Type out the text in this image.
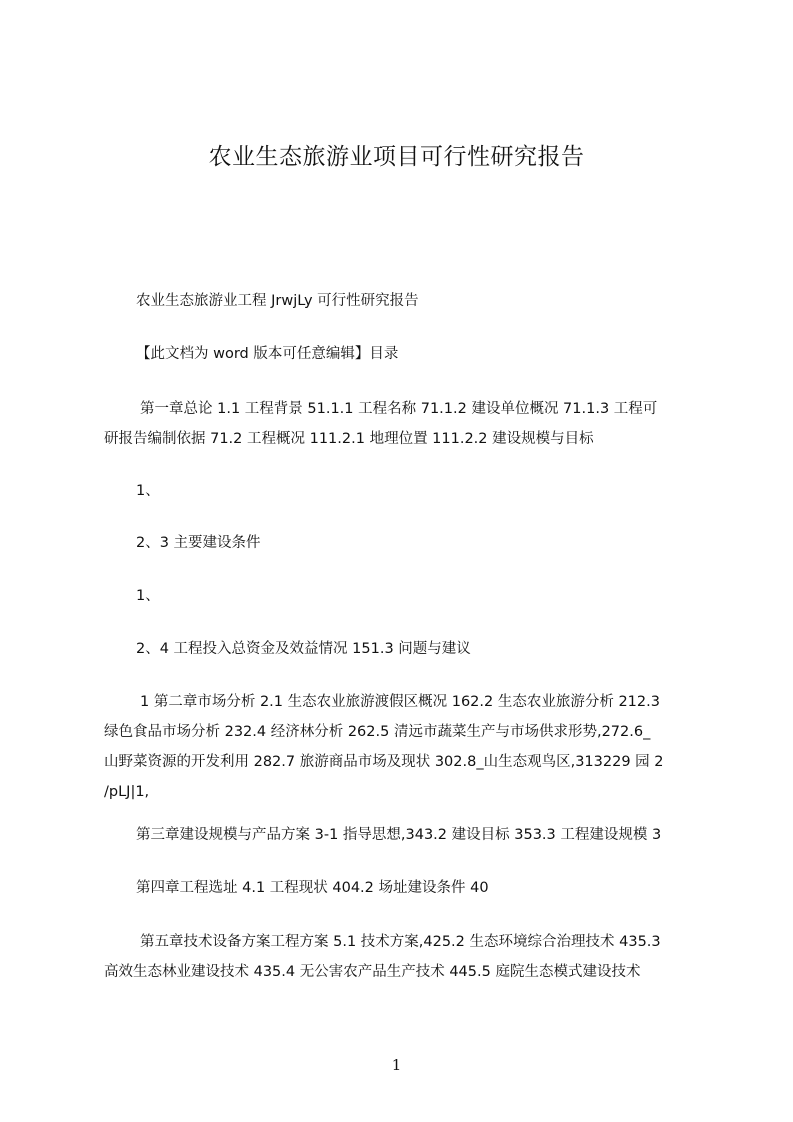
农业生态旅游业项目可行性研究报告
农业生态旅游业工程 JrwjLy 可行性研究报告
【此文档为 word 版本可任意编辑】目录
第一章总论 1.1 工程背景 51.1.1 工程名称 71.1.2 建设单位概况 71.1.3 工程可
研报告编制依据 71.2 工程概况 111.2.1 地理位置 111.2.2 建设规模与目标
1、
2、3 主要建设条件
1、
2、4 工程投入总资金及效益情况 151.3 问题与建议
1 第二章市场分析 2.1 生态农业旅游渡假区概况 162.2 生态农业旅游分析 212.3
绿色食品市场分析 232.4 经济林分析 262.5 清远市蔬菜生产与市场供求形势,272.6_
山野菜资源的开发利用 282.7 旅游商品市场及现状 302.8_山生态观鸟区,313229 园 2
/pLJ|1,
第三章建设规模与产品方案 3-1 指导思想,343.2 建设目标 353.3 工程建设规模 3
第四章工程选址 4.1 工程现状 404.2 场址建设条件 40
第五章技术设备方案工程方案 5.1 技术方案,425.2 生态环境综合治理技术 435.3
高效生态林业建设技术 435.4 无公害农产品生产技术 445.5 庭院生态模式建设技术
1
